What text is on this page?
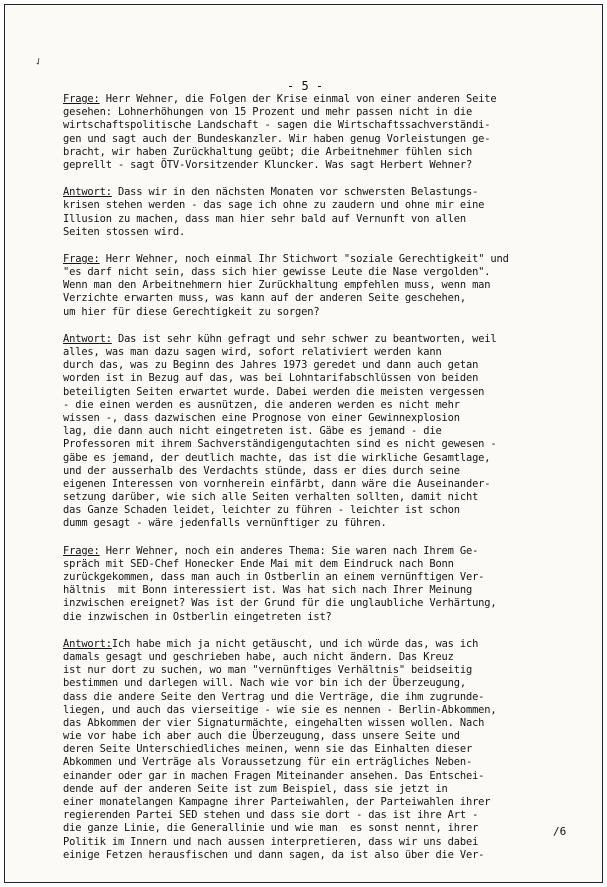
✓
- 5 -
Frage: Herr Wehner, die Folgen der Krise einmal von einer anderen Seite
gesehen: Lohnerhöhungen von 15 Prozent und mehr passen nicht in die
wirtschaftspolitische Landschaft - sagen die Wirtschaftssachverständi-
gen und sagt auch der Bundeskanzler. Wir haben genug Vorleistungen ge-
bracht, wir haben Zurückhaltung geübt; die Arbeitnehmer fühlen sich
geprellt - sagt ÖTV-Vorsitzender Kluncker. Was sagt Herbert Wehner?
Antwort: Dass wir in den nächsten Monaten vor schwersten Belastungs-
krisen stehen werden - das sage ich ohne zu zaudern und ohne mir eine
Illusion zu machen, dass man hier sehr bald auf Vernunft von allen
Seiten stossen wird.
Frage: Herr Wehner, noch einmal Ihr Stichwort "soziale Gerechtigkeit" und
"es darf nicht sein, dass sich hier gewisse Leute die Nase vergolden".
Wenn man den Arbeitnehmern hier Zurückhaltung empfehlen muss, wenn man
Verzichte erwarten muss, was kann auf der anderen Seite geschehen,
um hier für diese Gerechtigkeit zu sorgen?
Antwort: Das ist sehr kühn gefragt und sehr schwer zu beantworten, weil
alles, was man dazu sagen wird, sofort relativiert werden kann
durch das, was zu Beginn des Jahres 1973 geredet und dann auch getan
worden ist in Bezug auf das, was bei Lohntarifabschlüssen von beiden
beteiligten Seiten erwartet wurde. Dabei werden die meisten vergessen
- die einen werden es ausnützen, die anderen werden es nicht mehr
wissen -, dass dazwischen eine Prognose von einer Gewinnexplosion
lag, die dann auch nicht eingetreten ist. Gäbe es jemand - die
Professoren mit ihrem Sachverständigengutachten sind es nicht gewesen -
gäbe es jemand, der deutlich machte, das ist die wirkliche Gesamtlage,
und der ausserhalb des Verdachts stünde, dass er dies durch seine
eigenen Interessen von vornherein einfärbt, dann wäre die Auseinander-
setzung darüber, wie sich alle Seiten verhalten sollten, damit nicht
das Ganze Schaden leidet, leichter zu führen - leichter ist schon
dumm gesagt - wäre jedenfalls vernünftiger zu führen.
Frage: Herr Wehner, noch ein anderes Thema: Sie waren nach Ihrem Ge-
spräch mit SED-Chef Honecker Ende Mai mit dem Eindruck nach Bonn
zurückgekommen, dass man auch in Ostberlin an einem vernünftigen Ver-
hältnis  mit Bonn interessiert ist. Was hat sich nach Ihrer Meinung
inzwischen ereignet? Was ist der Grund für die unglaubliche Verhärtung,
die inzwischen in Ostberlin eingetreten ist?
Antwort:Ich habe mich ja nicht getäuscht, und ich würde das, was ich
damals gesagt und geschrieben habe, auch nicht ändern. Das Kreuz
ist nur dort zu suchen, wo man "vernünftiges Verhältnis" beidseitig
bestimmen und darlegen will. Nach wie vor bin ich der Überzeugung,
dass die andere Seite den Vertrag und die Verträge, die ihm zugrunde-
liegen, und auch das vierseitige - wie sie es nennen - Berlin-Abkommen,
das Abkommen der vier Signaturmächte, eingehalten wissen wollen. Nach
wie vor habe ich aber auch die Überzeugung, dass unsere Seite und
deren Seite Unterschiedliches meinen, wenn sie das Einhalten dieser
Abkommen und Verträge als Voraussetzung für ein erträgliches Neben-
einander oder gar in machen Fragen Miteinander ansehen. Das Entschei-
dende auf der anderen Seite ist zum Beispiel, dass sie jetzt in
einer monatelangen Kampagne ihrer Parteiwahlen, der Parteiwahlen ihrer
regierenden Partei SED stehen und dass sie dort - das ist ihre Art -
die ganze Linie, die Generallinie und wie man  es sonst nennt, ihrer
Politik im Innern und nach aussen interpretieren, dass wir uns dabei
einige Fetzen herausfischen und dann sagen, da ist also über die Ver-
/6
